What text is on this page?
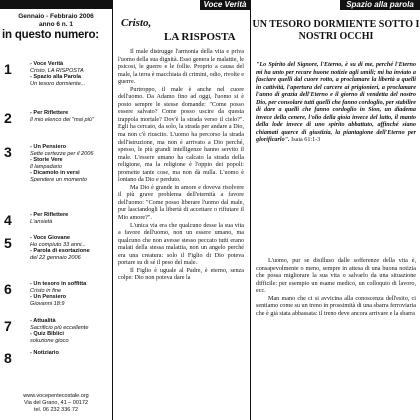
Gennaio - Febbraio 2006
anno 6 n. 1
in questo numero:
1	- Voce Verità
Cristo, LA RISPOSTA
- Spazio alla Parola
Un tesoro dormiente...
2	- Per Riflettere
Il mio elenco dei "mai più"
3	- Un Pensiero
Sette certezze per il 2006
- Storie Vere
Il lampadario
- Dicamolo in versi
Spendere un momento
4	- Per Riflettere
L'ansietà
5	- Voce Giovane
Ho compiuto 33 anni...
- Parola di esortazione
del 22 gennaio 2006
6	- Un tesoro in soffitta
Cristo in fine
- Un Pensiero
Giovanni 18:9
7	- Attualità
Sacrificio più eccellente
- Quiz Biblici
soluzione gioco
8	- Notiziario
www.vocepentecostale.org
Via del Grano, 41 – 00172
tel. 06 232 336 72
Voce Verità	Spazio alla parola
Cristo,
LA RISPOSTA

Il male distrugge l'armonia della vita e priva l'uomo della sua dignità. Esso genera le malattie, le psicosi, le guerre e le follie. Proprio a causa del male, la terra è macchiata di crimini, odio, rivolte e guerre.

Purtroppo, il male è anche nel cuore dell'uomo. Da Adamo fino ad oggi, l'uomo si è posto sempre le stesse domande: "Come posso essere salvato? Come posso uscire da questa trappola mortale? Dov'è la strada verso il cielo?". Egli ha cercato, da solo, la strada per andare a Dio, ma non c'è riuscito. L'uomo ha percorso la strada dell'istruzione, ma non è arrivato a Dio perché, spesso, le più grandi intelligenze hanno servito il male. L'essere umano ha calcato la strada della religione, ma la religione è l'oppio dei popoli: promette tante cose, ma non dà nulla. L'uomo è lontano da Dio e perduto.

Ma Dio è grande in amore e doveva risolvere il più grave problema dell'eternità a favore dell'uomo: "Come posso liberare l'uomo dal male, pur lasciandogli la libertà di accettare o rifiutare il Mio amore?".

L'unica via era che qualcuno desse la sua vita a favore dell'uomo, non un essere umano, ma qualcuno che non avesse stesso peccato tutti erano malati della stessa malattia, non un angelo perché era una creatura: solo il Figlio di Dio poteva portare su di sé il peso del male.

Il Figlio è uguale al Padre, è eterno, senza colpe: Dio non poteva dare la

UN TESORO DORMIENTE SOTTO I NOSTRI OCCHI
"Lo Spirito del Signore, l'Eterno, è su di me, perché l'Eterno mi ha unto per recare buone notizie agli umili; mi ha inviato a fasciare quelli dal cuore rotto, a proclamare la libertà a quelli in cattività, l'apertura del carcere ai prigionieri, a proclamare l'anno di grazia dell'Eterno e il giorno di vendetta del nostro Dio, per consolare tutti quelli che fanno cordoglio, per stabilire di dare a quelli che fanno cordoglio in Sion, un diadema invece della cenere, l'olio della gioia invece del lutto, il manto della lode invece di uno spirito abbattuto, affinché siano chiamati querce di giustizia, la piantagione dell'Eterno per glorificarlo". Isaia 61:1-3

L'uomo, pur se disilluso dalle sofferenze della vita è, consapevolmente o meno, sempre in attesa di una buona notizia che possa migliorare la sua vita o salvarlo da una situazione difficile: per esempio un esame medico, un colloquio di lavoro, ecc.

Man mano che ci si avvicina alla conoscenza dell'esito, ci sentiamo come su un treno in prossimità di una sbarra ferroviaria che è già stata abbassata: il treno deve ancora arrivare e la sbarra
